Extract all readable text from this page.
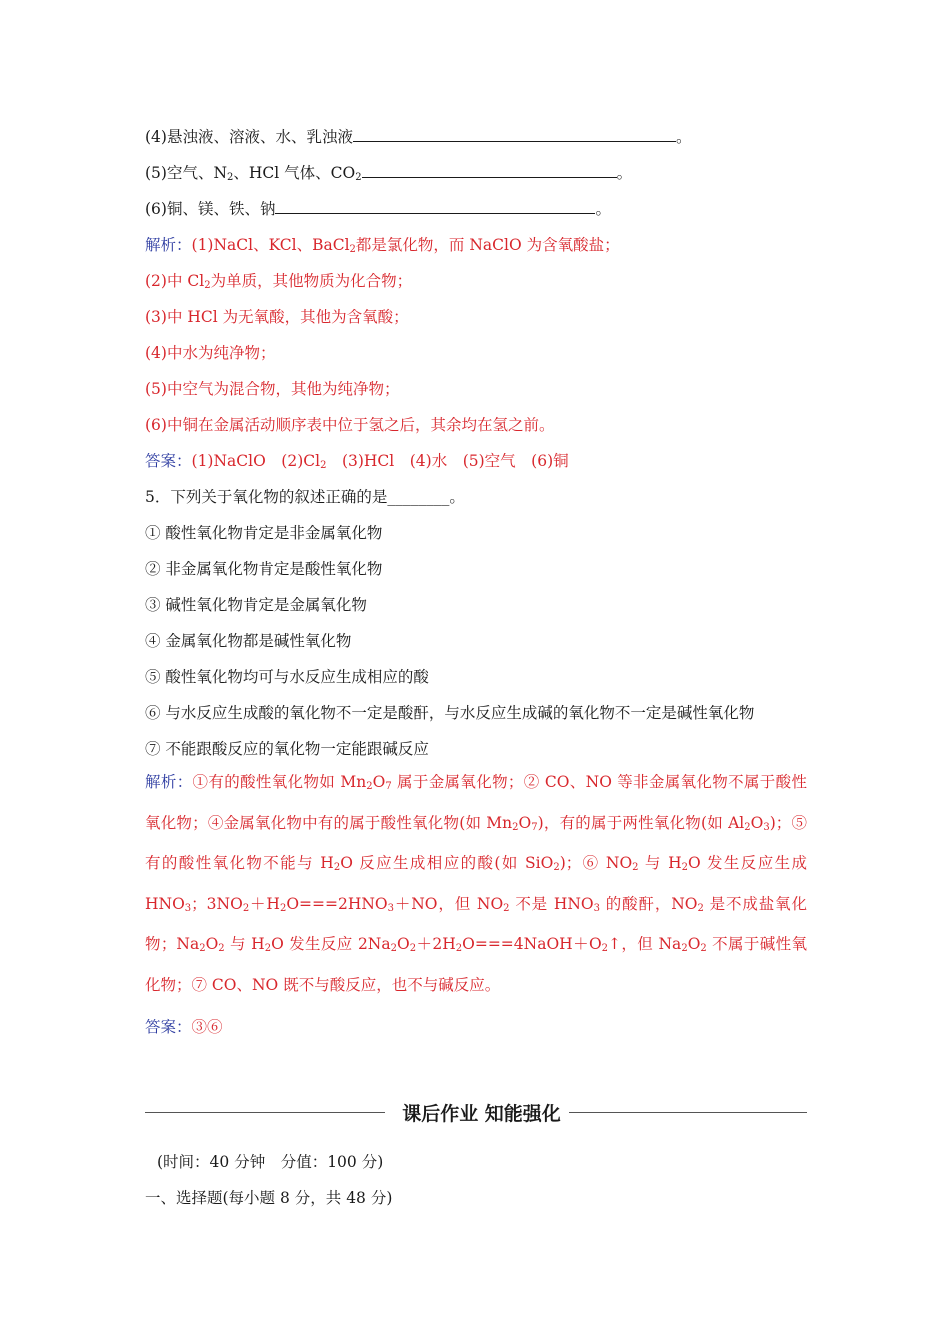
(4)悬浊液、溶液、水、乳浊液	。
(5)空气、$N_2$、HCl 气体、$CO_2$	。
(6)铜、镁、铁、钠	。
解析：(1)NaCl、KCl、BaCl$_2$都是氯化物，而 NaClO 为含氧酸盐；
(2)中 $Cl_2$为单质，其他物质为化合物；
(3)中 HCl 为无氧酸，其他为含氧酸；
(4)中水为纯净物；
(5)中空气为混合物，其他为纯净物；
(6)中铜在金属活动顺序表中位于氢之后，其余均在氢之前。
答案：(1)NaClO　$(2)Cl_2$　(3)HCl　(4)水　(5)空气　(6)铜
5．下列关于氧化物的叙述正确的是________。
① 酸性氧化物肯定是非金属氧化物
② 非金属氧化物肯定是酸性氧化物
③ 碱性氧化物肯定是金属氧化物
④ 金属氧化物都是碱性氧化物
⑤ 酸性氧化物均可与水反应生成相应的酸
⑥ 与水反应生成酸的氧化物不一定是酸酐，与水反应生成碱的氧化物不一定是碱性氧化物
⑦ 不能跟酸反应的氧化物一定能跟碱反应
解析：①有的酸性氧化物如 $Mn_2O_7$ 属于金属氧化物；② CO、NO 等非金属氧化物不属于酸性氧化物；④金属氧化物中有的属于酸性氧化物(如 $Mn_2O_7$)，有的属于两性氧化物(如 $Al_2O_3$)；⑤有的酸性氧化物不能与 $H_2O$ 反应生成相应的酸(如 SiO$_2$)；⑥ $NO_2$ 与 $H_2O$ 发生反应生成 $HNO_3$；$3NO_2+H_2O===2HNO_3+NO$，但 $NO_2$ 不是 $HNO_3$ 的酸酐，$NO_2$ 是不成盐氧化物；$Na_2O_2$ 与 $H_2O$ 发生反应 $2Na_2O_2+2H_2O===4NaOH+O_2↑$，但 $Na_2O_2$ 不属于碱性氧化物；⑦ CO、NO 既不与酸反应，也不与碱反应。
答案：③⑥
课后作业 知能强化
(时间：40 分钟　分值：100 分)
一、选择题(每小题 8 分，共 48 分)
